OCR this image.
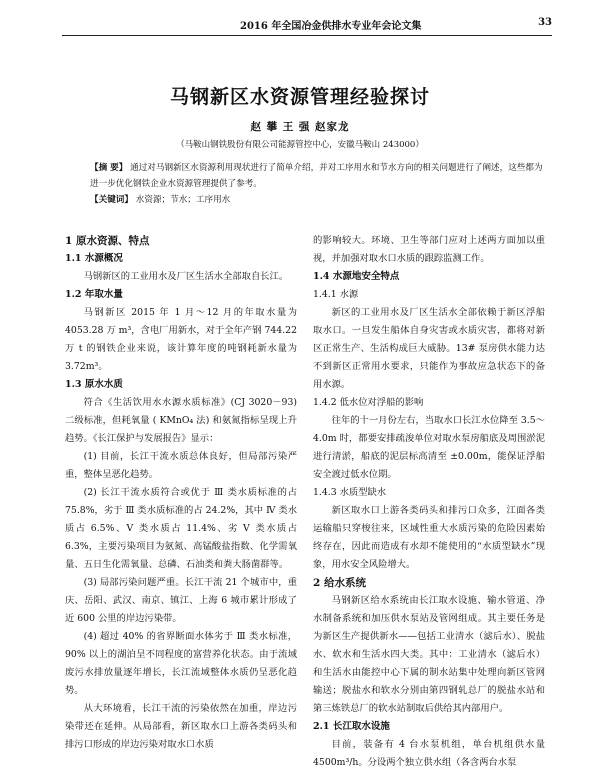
2016 年全国冶金供排水专业年会论文集	33
马钢新区水资源管理经验探讨
赵 攀 王 强 赵家龙
（马鞍山钢铁股份有限公司能源管控中心，安徽马鞍山 243000）
【摘 要】 通过对马钢新区水资源利用现状进行了简单介绍，并对工序用水和节水方向的相关问题进行了阐述，这些都为进一步优化钢铁企业水资源管理提供了参考。
【关键词】 水资源；节水；工序用水
1 原水资源、特点
1.1 水源概况
马钢新区的工业用水及厂区生活水全部取自长江。
1.2 年取水量
马钢新区 2015 年 1 月～12 月的年取水量为 4053.28 万 m³，含电厂用新水，对于全年产钢 744.22 万 t 的钢铁企业来说，该计算年度的吨钢耗新水量为 3.72m³。
1.3 原水水质
符合《生活饮用水水源水质标准》(CJ 3020－93) 二级标准，但耗氧量 ( KMnO₄ 法) 和氨氮指标呈现上升趋势。《长江保护与发展报告》显示：
(1) 目前，长江干流水质总体良好，但局部污染严重，整体呈恶化趋势。
(2) 长江干流水质符合或优于 Ⅲ 类水质标准的占 75.8%，劣于 Ⅲ 类水质标准的占 24.2%，其中 Ⅳ 类水质占 6.5%、Ⅴ 类水质占 11.4%、劣 Ⅴ 类水质占 6.3%，主要污染项目为氨氮、高锰酸盐指数、化学需氧量、五日生化需氧量、总磷、石油类和粪大肠菌群等。
(3) 局部污染问题严重。长江干流 21 个城市中，重庆、岳阳、武汉、南京、镇江、上海 6 城市累计形成了近 600 公里的岸边污染带。
(4) 超过 40% 的省界断面水体劣于 Ⅲ 类水标准，90% 以上的湖泊呈不同程度的富营养化状态。由于流域废污水排放量逐年增长，长江流域整体水质仍呈恶化趋势。
从大环境看，长江干流的污染依然在加重，岸边污染带还在延伸。从局部看，新区取水口上游各类码头和排污口形成的岸边污染对取水口水质
的影响较大。环境、卫生等部门应对上述两方面加以重视，并加强对取水口水质的跟踪监测工作。
1.4 水源地安全特点
1.4.1 水源
新区的工业用水及厂区生活水全部依赖于新区浮船取水口。一旦发生船体自身灾害或水质灾害，都将对新区正常生产、生活构成巨大威胁。13# 泵房供水能力达不到新区正常用水要求，只能作为事故应急状态下的备用水源。
1.4.2 低水位对浮船的影响
往年的十一月份左右，当取水口长江水位降至 3.5～4.0m 时，都要安排疏浚单位对取水泵房船底及周围淤泥进行清淤，船底的泥层标高清至 ±0.00m，能保证浮船安全渡过低水位期。
1.4.3 水质型缺水
新区取水口上游各类码头和排污口众多，江面各类运输船只穿梭往来，区域性重大水质污染的危险因素始终存在，因此而造成有水却不能使用的“水质型缺水”现象，用水安全风险增大。
2 给水系统
马钢新区给水系统由长江取水设施、输水管道、净水制备系统和加压供水泵站及管网组成。其主要任务是为新区生产提供新水——包括工业清水（滤后水）、脱盐水、软水和生活水四大类。其中：工业清水（滤后水）和生活水由能控中心下属的制水站集中处理向新区管网输送；脱盐水和软水分别由第四钢轧总厂的脱盐水站和第三炼铁总厂的软水站制取后供给其内部用户。
2.1 长江取水设施
目前，装备有 4 台水泵机组，单台机组供水量 4500m³/h。分设两个独立供水组（各含两台水泵
